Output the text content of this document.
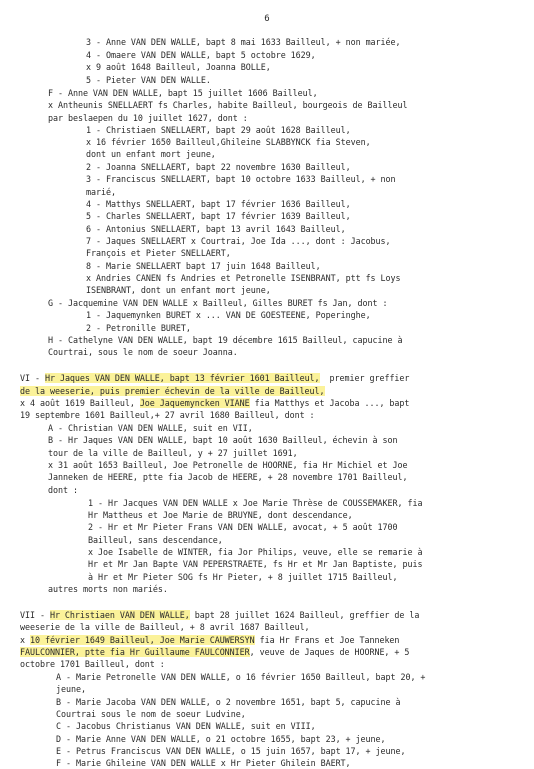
6
3 - Anne VAN DEN WALLE, bapt 8 mai 1633 Bailleul, + non mariée,
4 - Omaere VAN DEN WALLE, bapt 5 octobre 1629,
x 9 août 1648 Bailleul, Joanna BOLLE,
5 - Pieter VAN DEN WALLE.
F - Anne VAN DEN WALLE, bapt 15 juillet 1606 Bailleul,
x Antheunis SNELLAERT fs Charles, habite Bailleul, bourgeois de Bailleul
par beslaepen du 10 juillet 1627, dont :
1 - Christiaen SNELLAERT, bapt 29 août 1628 Bailleul,
x 16 février 1650 Bailleul,Ghileine SLABBYNCK fia Steven,
dont un enfant mort jeune,
2 - Joanna SNELLAERT, bapt 22 novembre 1630 Bailleul,
3 - Franciscus SNELLAERT, bapt 10 octobre 1633 Bailleul, + non
marié,
4 - Matthys SNELLAERT, bapt 17 février 1636 Bailleul,
5 - Charles SNELLAERT, bapt 17 février 1639 Bailleul,
6 - Antonius SNELLAERT, bapt 13 avril 1643 Bailleul,
7 - Jaques SNELLAERT x Courtrai, Joe Ida ..., dont : Jacobus,
François et Pieter SNELLAERT,
8 - Marie SNELLAERT bapt 17 juin 1648 Bailleul,
x Andries CANEN fs Andries et Petronelle ISENBRANT, ptt fs Loys
ISENBRANT, dont un enfant mort jeune,
G - Jacquemine VAN DEN WALLE x Bailleul, Gilles BURET fs Jan, dont :
1 - Jaquemynken BURET x ... VAN DE GOESTEENE, Poperinghe,
2 - Petronille BURET,
H - Cathelyne VAN DEN WALLE, bapt 19 décembre 1615 Bailleul, capucine à
Courtrai, sous le nom de soeur Joanna.
VI - Hr Jaques VAN DEN WALLE, bapt 13 février 1601 Bailleul,  premier greffier
de la weeserie, puis premier échevin de la ville de Bailleul,
x 4 août 1619 Bailleul, Joe Jaquemyncken VIANE fia Matthys et Jacoba ..., bapt
19 septembre 1601 Bailleul,+ 27 avril 1680 Bailleul, dont :
A - Christian VAN DEN WALLE, suit en VII,
B - Hr Jaques VAN DEN WALLE, bapt 10 août 1630 Bailleul, échevin à son
tour de la ville de Bailleul, y + 27 juillet 1691,
x 31 août 1653 Bailleul, Joe Petronelle de HOORNE, fia Hr Michiel et Joe
Janneken de HEERE, ptte fia Jacob de HEERE, + 28 novembre 1701 Bailleul,
dont :
1 - Hr Jacques VAN DEN WALLE x Joe Marie Thrèse de COUSSEMAKER, fia
Hr Mattheus et Joe Marie de BRUYNE, dont descendance,
2 - Hr et Mr Pieter Frans VAN DEN WALLE, avocat, + 5 août 1700
Bailleul, sans descendance,
x Joe Isabelle de WINTER, fia Jor Philips, veuve, elle se remarie à
Hr et Mr Jan Bapte VAN PEPERSTRAETE, fs Hr et Mr Jan Baptiste, puis
à Hr et Mr Pieter SOG fs Hr Pieter, + 8 juillet 1715 Bailleul,
autres morts non mariés.
VII - Hr Christiaen VAN DEN WALLE, bapt 28 juillet 1624 Bailleul, greffier de la
weeserie de la ville de Bailleul, + 8 avril 1687 Bailleul,
x 10 février 1649 Bailleul, Joe Marie CAUWERSYN fia Hr Frans et Joe Tanneken
FAULCONNIER, ptte fia Hr Guillaume FAULCONNIER, veuve de Jaques de HOORNE, + 5
octobre 1701 Bailleul, dont :
A - Marie Petronelle VAN DEN WALLE, o 16 février 1650 Bailleul, bapt 20, +
jeune,
B - Marie Jacoba VAN DEN WALLE, o 2 novembre 1651, bapt 5, capucine à
Courtrai sous le nom de soeur Ludvine,
C - Jacobus Christianus VAN DEN WALLE, suit en VIII,
D - Marie Anne VAN DEN WALLE, o 21 octobre 1655, bapt 23, + jeune,
E - Petrus Franciscus VAN DEN WALLE, o 15 juin 1657, bapt 17, + jeune,
F - Marie Ghileine VAN DEN WALLE x Hr Pieter Ghilein BAERT,
